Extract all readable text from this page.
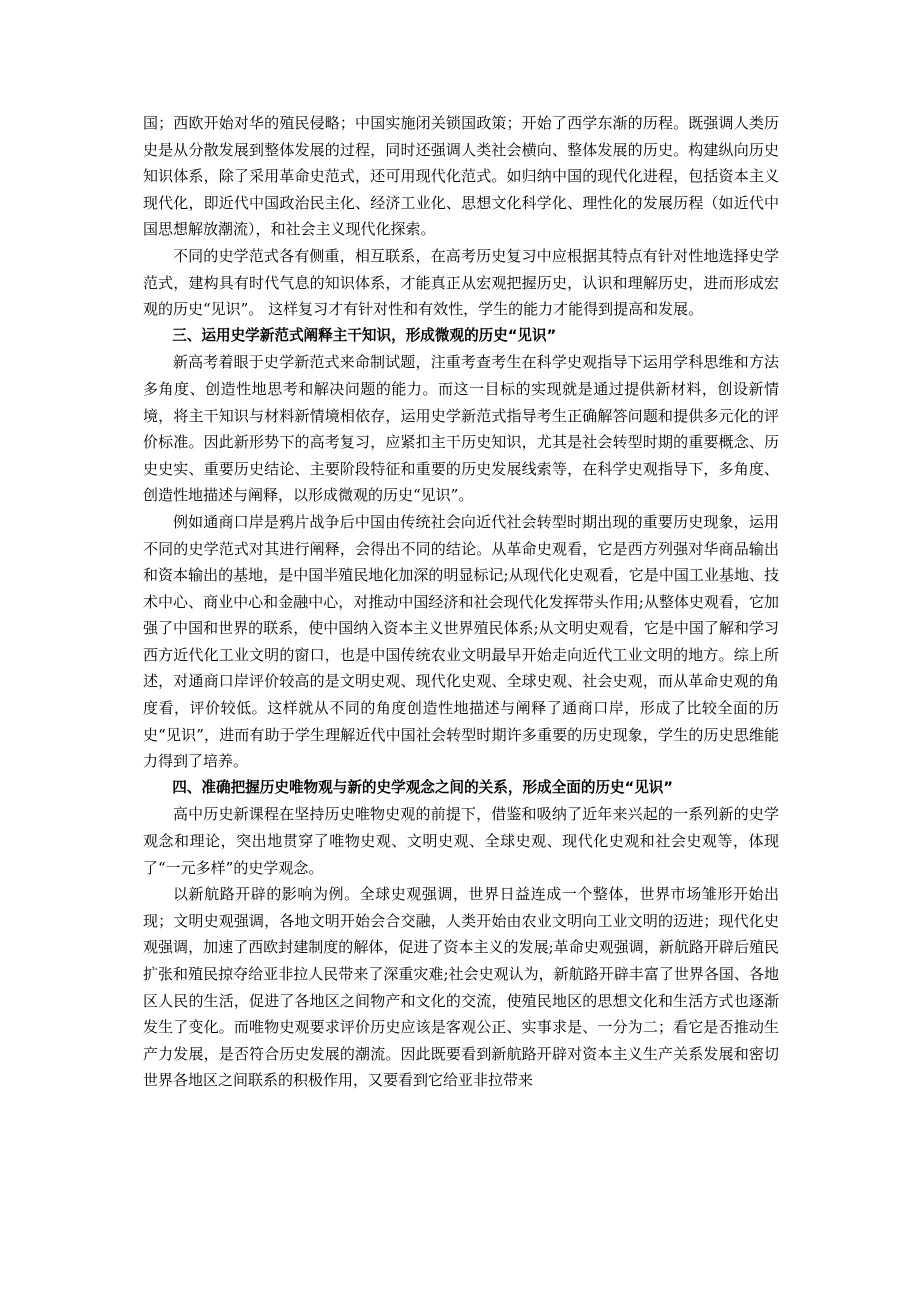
国；西欧开始对华的殖民侵略；中国实施闭关锁国政策；开始了西学东渐的历程。既强调人类历史是从分散发展到整体发展的过程，同时还强调人类社会横向、整体发展的历史。构建纵向历史知识体系，除了采用革命史范式，还可用现代化范式。如归纳中国的现代化进程，包括资本主义现代化，即近代中国政治民主化、经济工业化、思想文化科学化、理性化的发展历程（如近代中国思想解放潮流），和社会主义现代化探索。

不同的史学范式各有侧重，相互联系，在高考历史复习中应根据其特点有针对性地选择史学范式，建构具有时代气息的知识体系，才能真正从宏观把握历史，认识和理解历史，进而形成宏观的历史“见识”。 这样复习才有针对性和有效性，学生的能力才能得到提高和发展。

三、运用史学新范式阐释主干知识，形成微观的历史“见识”

新高考着眼于史学新范式来命制试题，注重考查考生在科学史观指导下运用学科思维和方法多角度、创造性地思考和解决问题的能力。而这一目标的实现就是通过提供新材料，创设新情境，将主干知识与材料新情境相依存，运用史学新范式指导考生正确解答问题和提供多元化的评价标准。因此新形势下的高考复习，应紧扣主干历史知识，尤其是社会转型时期的重要概念、历史史实、重要历史结论、主要阶段特征和重要的历史发展线索等，在科学史观指导下，多角度、创造性地描述与阐释，以形成微观的历史“见识”。

例如通商口岸是鸦片战争后中国由传统社会向近代社会转型时期出现的重要历史现象，运用不同的史学范式对其进行阐释，会得出不同的结论。从革命史观看，它是西方列强对华商品输出和资本输出的基地，是中国半殖民地化加深的明显标记;从现代化史观看，它是中国工业基地、技术中心、商业中心和金融中心，对推动中国经济和社会现代化发挥带头作用;从整体史观看，它加强了中国和世界的联系，使中国纳入资本主义世界殖民体系;从文明史观看，它是中国了解和学习西方近代化工业文明的窗口，也是中国传统农业文明最早开始走向近代工业文明的地方。综上所述，对通商口岸评价较高的是文明史观、现代化史观、全球史观、社会史观，而从革命史观的角度看，评价较低。这样就从不同的角度创造性地描述与阐释了通商口岸，形成了比较全面的历史“见识”，进而有助于学生理解近代中国社会转型时期许多重要的历史现象，学生的历史思维能力得到了培养。

四、准确把握历史唯物观与新的史学观念之间的关系，形成全面的历史“见识”

高中历史新课程在坚持历史唯物史观的前提下，借鉴和吸纳了近年来兴起的一系列新的史学观念和理论，突出地贯穿了唯物史观、文明史观、全球史观、现代化史观和社会史观等，体现了“一元多样”的史学观念。

以新航路开辟的影响为例。全球史观强调，世界日益连成一个整体，世界市场雏形开始出现；文明史观强调，各地文明开始会合交融，人类开始由农业文明向工业文明的迈进；现代化史观强调，加速了西欧封建制度的解体，促进了资本主义的发展;革命史观强调，新航路开辟后殖民扩张和殖民掠夺给亚非拉人民带来了深重灾难;社会史观认为，新航路开辟丰富了世界各国、各地区人民的生活，促进了各地区之间物产和文化的交流，使殖民地区的思想文化和生活方式也逐渐发生了变化。而唯物史观要求评价历史应该是客观公正、实事求是、一分为二；看它是否推动生产力发展，是否符合历史发展的潮流。因此既要看到新航路开辟对资本主义生产关系发展和密切世界各地区之间联系的积极作用，又要看到它给亚非拉带来
